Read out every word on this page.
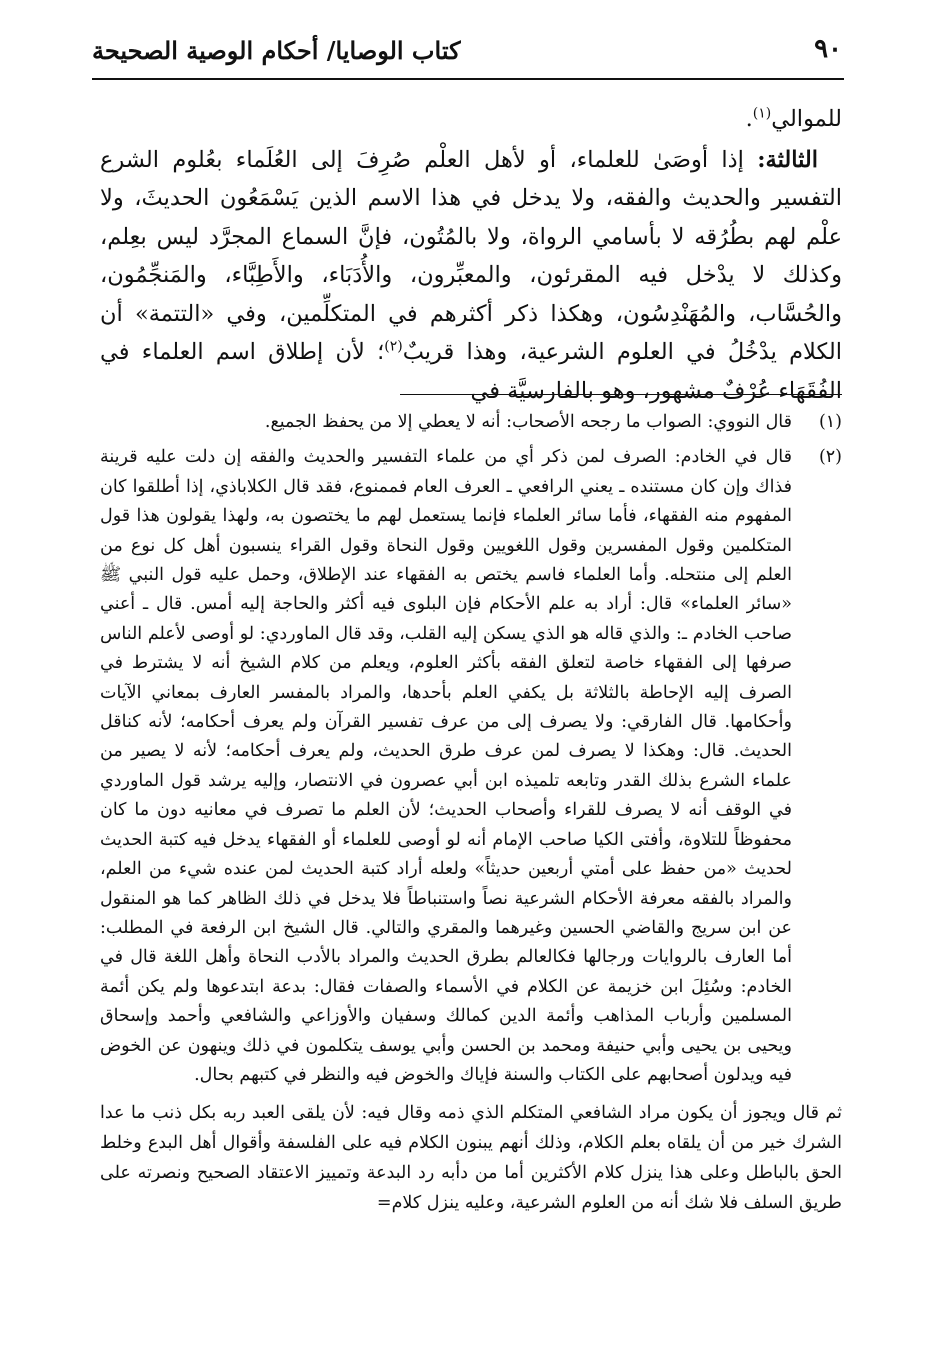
٩٠
كتاب الوصايا/ أحكام الوصية الصحيحة

للموالي$^{(١)}$.

الثالثة: إذا أوصَىٰ للعلماء، أو لأهل العلْم صُرِفَ إلى العُلَماء بعُلوم الشرع التفسير والحديث والفقه، ولا يدخل في هذا الاسم الذين يَسْمَعُون الحديثَ، ولا علْم لهم بطُرُقه لا بأسامي الرواة، ولا بالمُتُون، فإنَّ السماع المجرَّد ليس بعِلم، وكذلك لا يدْخل فيه المقرئون، والمعبِّرون، والأُدَبَاء، والأَطِبَّاء، والمَنجِّمُون، والحُسَّاب، والمُهَنْدِسُون، وهكذا ذكر أكثرهم في المتكلِّمين، وفي «التتمة» أن الكلام يدْخُلُ في العلوم الشرعية، وهذا قريبٌ$^{(٢)}$؛ لأن إطلاق اسم العلماء في الفُقَهَاء عُرْفٌ مشهور، وهو بالفارسيَّة في

(١)
قال النووي: الصواب ما رجحه الأصحاب: أنه لا يعطي إلا من يحفظ الجميع.
(٢)
قال في الخادم: الصرف لمن ذكر أي من علماء التفسير والحديث والفقه إن دلت عليه قرينة فذاك وإن كان مستنده ـ يعني الرافعي ـ العرف العام فممنوع، فقد قال الكلاباذي، إذا أطلقوا كان المفهوم منه الفقهاء، فأما سائر العلماء فإنما يستعمل لهم ما يختصون به، ولهذا يقولون هذا قول المتكلمين وقول المفسرين وقول اللغويين وقول النحاة وقول القراء ينسبون أهل كل نوع من العلم إلى منتحله. وأما العلماء فاسم يختص به الفقهاء عند الإطلاق، وحمل عليه قول النبي ﷺ «سائر العلماء» قال: أراد به علم الأحكام فإن البلوى فيه أكثر والحاجة إليه أمس. قال ـ أعني صاحب الخادم ـ: والذي قاله هو الذي يسكن إليه القلب، وقد قال الماوردي: لو أوصى لأعلم الناس صرفها إلى الفقهاء خاصة لتعلق الفقه بأكثر العلوم، ويعلم من كلام الشيخ أنه لا يشترط في الصرف إليه الإحاطة بالثلاثة بل يكفي العلم بأحدها، والمراد بالمفسر العارف بمعاني الآيات وأحكامها. قال الفارقي: ولا يصرف إلى من عرف تفسير القرآن ولم يعرف أحكامه؛ لأنه كناقل الحديث. قال: وهكذا لا يصرف لمن عرف طرق الحديث، ولم يعرف أحكامه؛ لأنه لا يصير من علماء الشرع بذلك القدر وتابعه تلميذه ابن أبي عصرون في الانتصار، وإليه يرشد قول الماوردي في الوقف أنه لا يصرف للقراء وأصحاب الحديث؛ لأن العلم ما تصرف في معانيه دون ما كان محفوظاً للتلاوة، وأفتى الكيا صاحب الإمام أنه لو أوصى للعلماء أو الفقهاء يدخل فيه كتبة الحديث لحديث «من حفظ على أمتي أربعين حديثاً» ولعله أراد كتبة الحديث لمن عنده شيء من العلم، والمراد بالفقه معرفة الأحكام الشرعية نصاً واستنباطاً فلا يدخل في ذلك الظاهر كما هو المنقول عن ابن سريج والقاضي الحسين وغيرهما والمقري والتالي. قال الشيخ ابن الرفعة في المطلب: أما العارف بالروايات ورجالها فكالعالم بطرق الحديث والمراد بالأدب النحاة وأهل اللغة قال في الخادم: وسُئِلَ ابن خزيمة عن الكلام في الأسماء والصفات فقال: بدعة ابتدعوها ولم يكن أئمة المسلمين وأرباب المذاهب وأئمة الدين كمالك وسفيان والأوزاعي والشافعي وأحمد وإسحاق ويحيى بن يحيى وأبي حنيفة ومحمد بن الحسن وأبي يوسف يتكلمون في ذلك وينهون عن الخوض فيه ويدلون أصحابهم على الكتاب والسنة فإياك والخوض فيه والنظر في كتبهم بحال.
ثم قال ويجوز أن يكون مراد الشافعي المتكلم الذي ذمه وقال فيه: لأن يلقى العبد ربه بكل ذنب ما عدا الشرك خير من أن يلقاه بعلم الكلام، وذلك أنهم يبنون الكلام فيه على الفلسفة وأقوال أهل البدع وخلط الحق بالباطل وعلى هذا ينزل كلام الأكثرين أما من دأبه رد البدعة وتمييز الاعتقاد الصحيح ونصرته على طريق السلف فلا شك أنه من العلوم الشرعية، وعليه ينزل كلام=
